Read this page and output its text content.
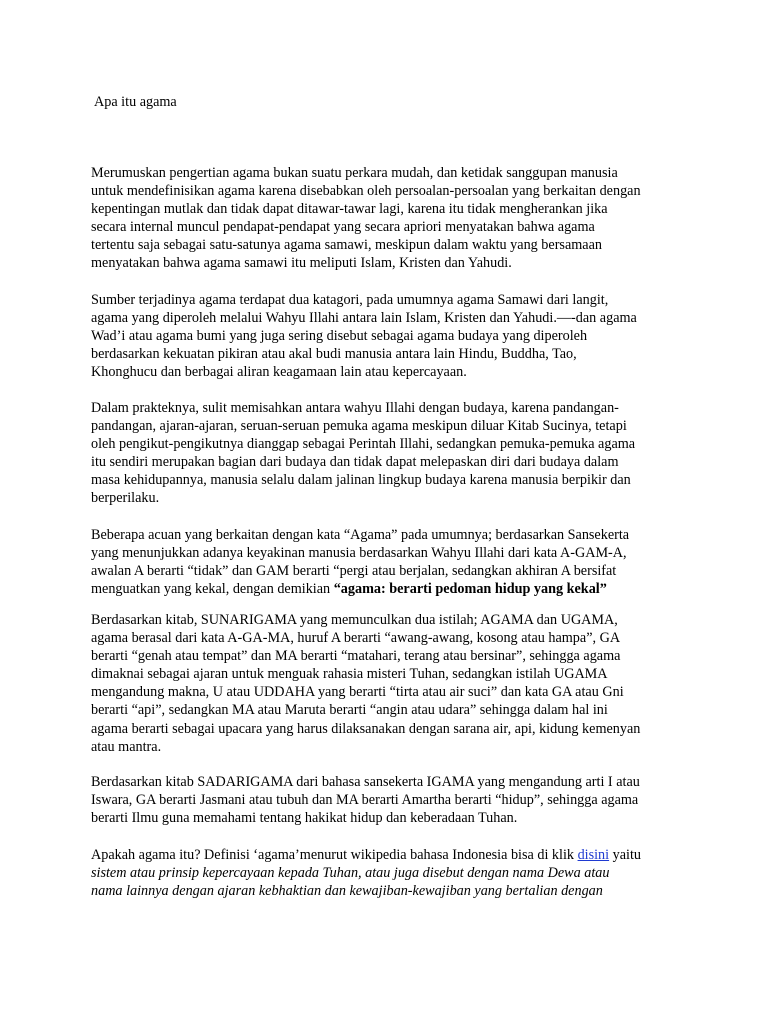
Apa itu agama

Merumuskan pengertian agama bukan suatu perkara mudah, dan ketidak sanggupan manusia
untuk mendefinisikan agama karena disebabkan oleh persoalan-persoalan yang berkaitan dengan
kepentingan mutlak dan tidak dapat ditawar-tawar lagi, karena itu tidak mengherankan jika
secara internal muncul pendapat-pendapat yang secara apriori menyatakan bahwa agama
tertentu saja sebagai satu-satunya agama samawi, meskipun dalam waktu yang bersamaan
menyatakan bahwa agama samawi itu meliputi Islam, Kristen dan Yahudi.

Sumber terjadinya agama terdapat dua katagori, pada umumnya agama Samawi dari langit,
agama yang diperoleh melalui Wahyu Illahi antara lain Islam, Kristen dan Yahudi.—-dan agama
Wad’i atau agama bumi yang juga sering disebut sebagai agama budaya yang diperoleh
berdasarkan kekuatan pikiran atau akal budi manusia antara lain Hindu, Buddha, Tao,
Khonghucu dan berbagai aliran keagamaan lain atau kepercayaan.

Dalam prakteknya, sulit memisahkan antara wahyu Illahi dengan budaya, karena pandangan-
pandangan, ajaran-ajaran, seruan-seruan pemuka agama meskipun diluar Kitab Sucinya, tetapi
oleh pengikut-pengikutnya dianggap sebagai Perintah Illahi, sedangkan pemuka-pemuka agama
itu sendiri merupakan bagian dari budaya dan tidak dapat melepaskan diri dari budaya dalam
masa kehidupannya, manusia selalu dalam jalinan lingkup budaya karena manusia berpikir dan
berperilaku.

Beberapa acuan yang berkaitan dengan kata “Agama” pada umumnya; berdasarkan Sansekerta
yang menunjukkan adanya keyakinan manusia berdasarkan Wahyu Illahi dari kata A-GAM-A,
awalan A berarti “tidak” dan GAM berarti “pergi atau berjalan, sedangkan akhiran A bersifat
menguatkan yang kekal, dengan demikian “agama: berarti pedoman hidup yang kekal”

Berdasarkan kitab, SUNARIGAMA yang memunculkan dua istilah; AGAMA dan UGAMA,
agama berasal dari kata A-GA-MA, huruf A berarti “awang-awang, kosong atau hampa”, GA
berarti “genah atau tempat” dan MA berarti “matahari, terang atau bersinar”, sehingga agama
dimaknai sebagai ajaran untuk menguak rahasia misteri Tuhan, sedangkan istilah UGAMA
mengandung makna, U atau UDDAHA yang berarti “tirta atau air suci” dan kata GA atau Gni
berarti “api”, sedangkan MA atau Maruta berarti “angin atau udara” sehingga dalam hal ini
agama berarti sebagai upacara yang harus dilaksanakan dengan sarana air, api, kidung kemenyan
atau mantra.

Berdasarkan kitab SADARIGAMA dari bahasa sansekerta IGAMA yang mengandung arti I atau
Iswara, GA berarti Jasmani atau tubuh dan MA berarti Amartha berarti “hidup”, sehingga agama
berarti Ilmu guna memahami tentang hakikat hidup dan keberadaan Tuhan.

Apakah agama itu? Definisi ‘agama’menurut wikipedia bahasa Indonesia bisa di klik disini yaitu
sistem atau prinsip kepercayaan kepada Tuhan, atau juga disebut dengan nama Dewa atau
nama lainnya dengan ajaran kebhaktian dan kewajiban-kewajiban yang bertalian dengan
